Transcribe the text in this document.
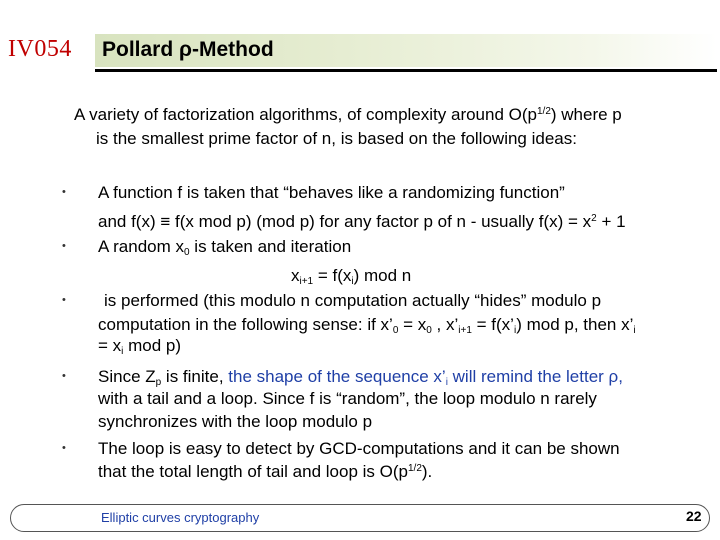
IV054 Pollard ρ-Method
A variety of factorization algorithms, of complexity around $O(p^{1/2})$ where p
is the smallest prime factor of n, is based on the following ideas:
• A function f is taken that “behaves like a randomizing function”
and f(x) ≡ f(x mod p) (mod p) for any factor p of n - usually $f(x) = x^2 + 1$
• A random $x_0$ is taken and iteration
$x_{i+1} = f(x_i)$ mod n
• is performed (this modulo n computation actually “hides” modulo p
computation in the following sense: if $x’_0 = x_0$ , $x’_{i+1}$ = $f(x’_i)$ mod p, then $x’_i$
= $x_i$ mod p)
• Since $Z_p$ is finite, the shape of the sequence $x’_i$ will remind the letter ρ,
with a tail and a loop. Since f is “random”, the loop modulo n rarely
synchronizes with the loop modulo p
• The loop is easy to detect by GCD-computations and it can be shown
that the total length of tail and loop is $O(p^{1/2})$.
Elliptic curves cryptography	22
